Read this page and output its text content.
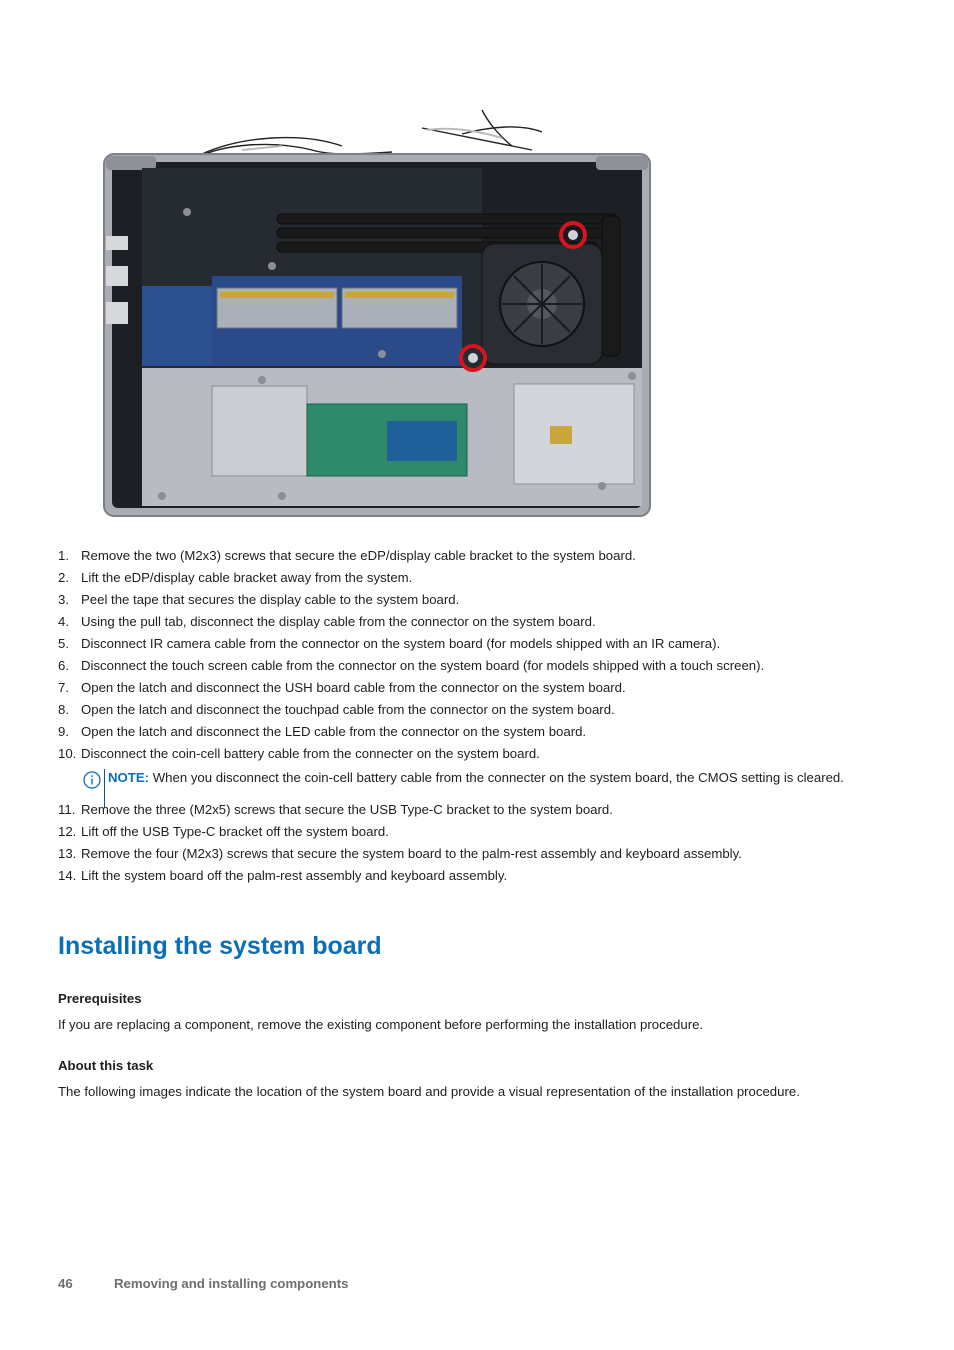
1. Remove the two (M2x3) screws that secure the eDP/display cable bracket to the system board.
2. Lift the eDP/display cable bracket away from the system.
3. Peel the tape that secures the display cable to the system board.
4. Using the pull tab, disconnect the display cable from the connector on the system board.
5. Disconnect IR camera cable from the connector on the system board (for models shipped with an IR camera).
6. Disconnect the touch screen cable from the connector on the system board (for models shipped with a touch screen).
7. Open the latch and disconnect the USH board cable from the connector on the system board.
8. Open the latch and disconnect the touchpad cable from the connector on the system board.
9. Open the latch and disconnect the LED cable from the connector on the system board.
10. Disconnect the coin-cell battery cable from the connecter on the system board.
NOTE: When you disconnect the coin-cell battery cable from the connecter on the system board, the CMOS setting is cleared.
11. Remove the three (M2x5) screws that secure the USB Type-C bracket to the system board.
12. Lift off the USB Type-C bracket off the system board.
13. Remove the four (M2x3) screws that secure the system board to the palm-rest assembly and keyboard assembly.
14. Lift the system board off the palm-rest assembly and keyboard assembly.
Installing the system board

Prerequisites

If you are replacing a component, remove the existing component before performing the installation procedure.

About this task

The following images indicate the location of the system board and provide a visual representation of the installation procedure.

46	Removing and installing components
